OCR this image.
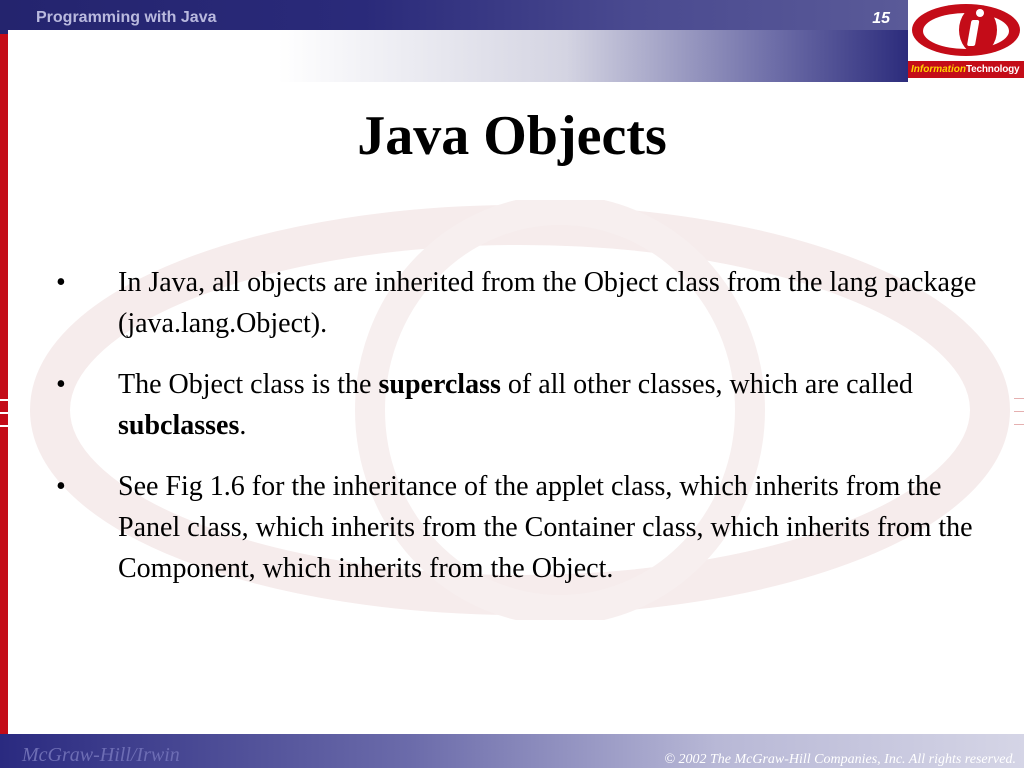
Programming with Java	15
InformationTechnology
Java Objects
• In Java, all objects are inherited from the Object class from the lang package (java.lang.Object).
• The Object class is the superclass of all other classes, which are called subclasses.
• See Fig 1.6 for the inheritance of the applet class, which inherits from the Panel class, which inherits from the Container class, which inherits from the Component, which inherits from the Object.
McGraw-Hill/Irwin	© 2002 The McGraw-Hill Companies, Inc. All rights reserved.
